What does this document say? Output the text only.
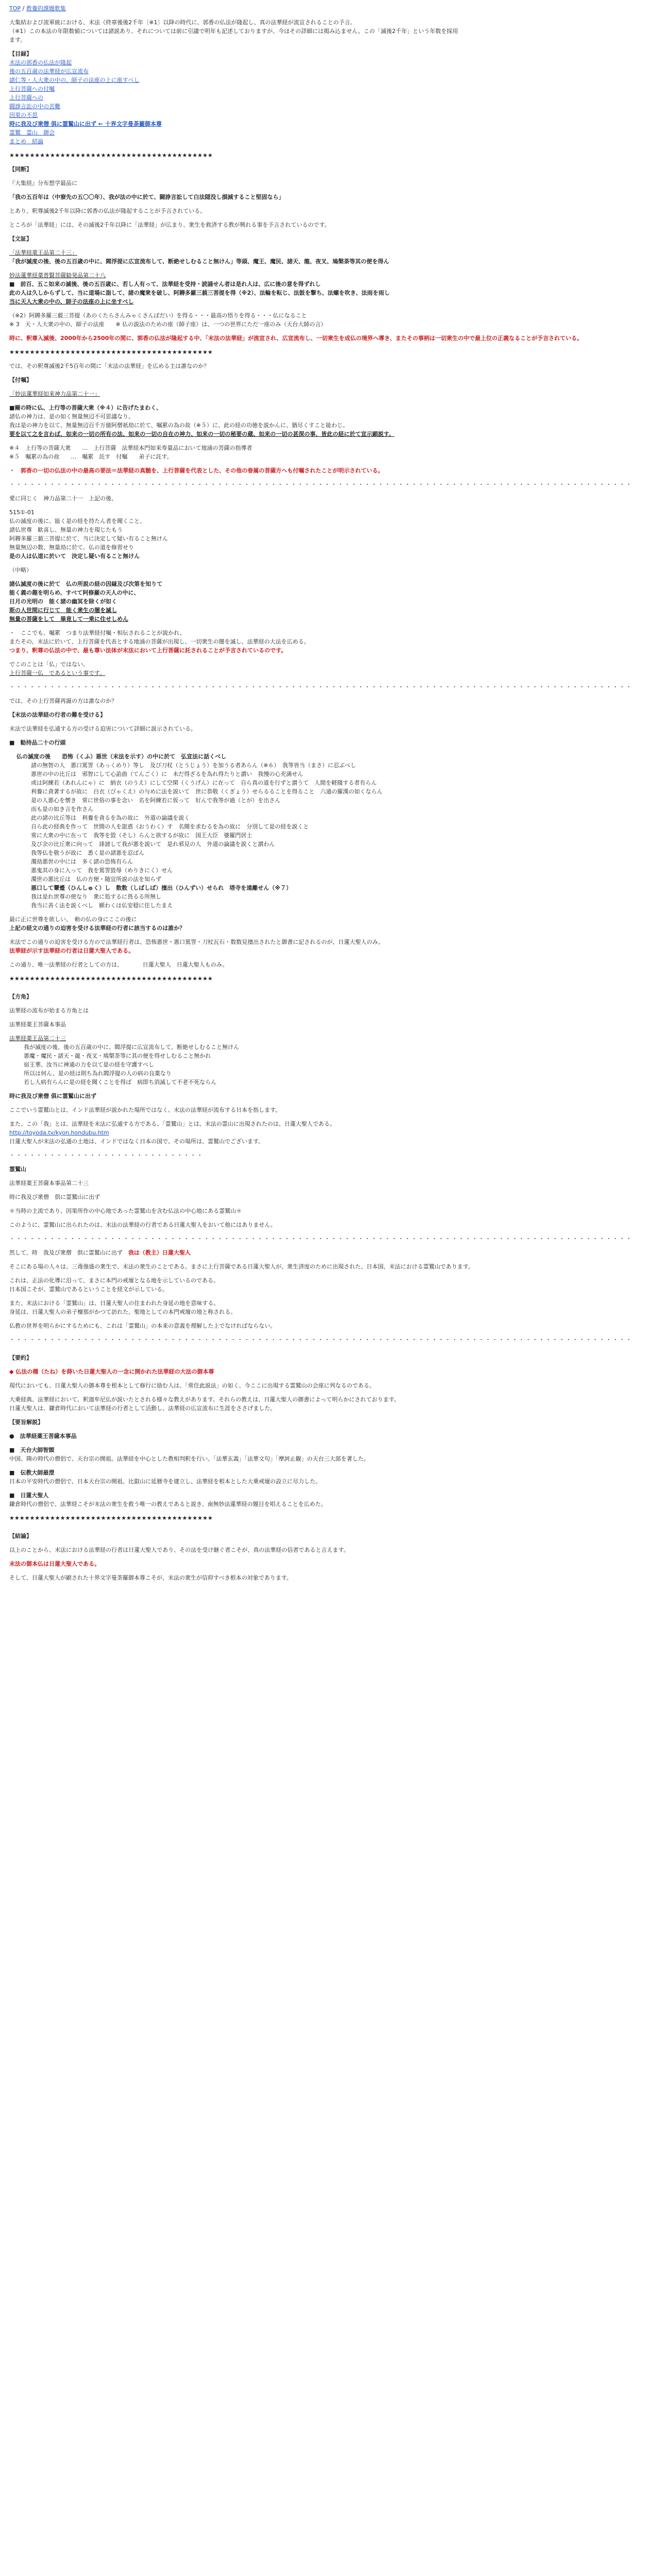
TOP / 教養的課題歌集
大集結および流軍統における、末法（終章後後2千年〔※1〕以降の時代に、郭香の仏法が隆起し、真の法華経が流宣されることの予言。
（※1）この本法の年限数値については諸説あり、それについては前に引議で明年も記述しておりますが、今ほその詳細には掲み込ません。この「滅後2千年」という年数を採用
ます。
【目録】
末法の郭香の仏法が隆起
後の五百歳の法華経が広宣流布
諸仁等・人大衆の中の、師子の法座の上に座すべし
上行菩薩への付嘱
上行菩薩への
闘諍言訟の中の苦難
因果の不思
時に我及び衆僧 俱に霊鷲山に出ず ← 十界文字曼荼羅御本尊
霊鷲　霊山　御会
まとめ　結論
★★★★★★★★★★★★★★★★★★★★★★★★★★★★★★★★★★★★★★★★
【同断】
『大集経』分布想学最品に
「我の五百年は（中寮先の五〇〇年）、我が法の中に於て、闘諍言訟して白法隠没し損減すること堅固なら」
とあり、釈尊滅後2千年以降に郭香の仏法が隆起することが予言されている。
ところが「法華経」には、その滅後2千年以降に「法華経」が広まり、衆生を救済する教が興れる事を予言されているのです。
【文証】
「法華経薬王品第二十三」
「我が滅度の後、後の五百歳の中に、閻浮提に広宣流布して、断絶せしむること無けん」等頭、魔王、魔民、諸天、龍、夜叉、鳩槃荼等其の便を得ん
妙法蓮華経薬普賢菩薩勧発品第二十八
■　前百、五こ如来の滅後、後の五百歳に、若し人有って、法華経を受持・読誦せん者は是れ人は、広に後の意を得ずれし
此の人は久しからずして、当に道場に詣して、諸の魔衆を破し、阿耨多羅三藐三菩提を得（※2）、法輪を転じ、法鼓を撃ち、法螺を吹き、法雨を雨し
当に天人大衆の中の、師子の法座の上に坐すべし
（※2）阿耨多羅三藐三菩提（あのくたらさんみゃくさんぼだい）を得る・・・最高の悟りを得る・・・仏になること
※ 3　天・人大衆の中の、師子の法座　　※ 仏の説法のための座（師子座）は、一つの世界にただ一座のみ（天台大師の言）
時に、釈尊入滅後、2000年から2500年の間に、郭香の仏法が隆起する中、「末法の法華経」が流宣され、広宣流布し、一切衆生を成仏の境界へ導き、またその事柄は一切衆生の中で最上位の正義なることが予言されている。
★★★★★★★★★★★★★★★★★★★★★★★★★★★★★★★★★★★★★★★★
では、その釈尊滅後2千5百年の間に「末法の法華経」を広める主は誰なのか？
【付嘱】
「妙法蓮華経如来神力品第二十一」
■爾の時に仏、上行等の菩薩大衆（※４）に告げたまわく、
諸仏の神力は、是の如く無量無辺不可思議なり。
我は是の神力を以て、無量無辺百千万億阿僧祇劫に於て、嘱累の為の故（※５）に、此の経の功徳を説かんに、猶尽くすこと能わじ。
要を以て之を言わば、如来の一切の所有の法、如来の一切の自在の神力、如来の一切の秘要の蔵、如来の一切の甚深の事、皆此の経に於て宣示顕説す。
※４　上行等の菩薩大衆　　…　上行菩薩　法華経本門如来寿量品において地涌の菩薩の指導者
※５　嘱累の為の故　　…　嘱累　託す　付嘱　　弟子に託す。
・　郭香の一切の仏法の中の最高の要法＝法華経の真髄を、上行菩薩を代表とした、その他の眷属の菩薩方へも付嘱されたことが明示されている。
・・・・・・・・・・・・・・・・・・・・・・・・・・・・・・・・・・・・・・・・・・・・・・・・・・・・・・・・・・・・・・・・・・・・・・・・・・・・・・・・・・・・・・・・・・・・・
愛に同じく　神力品第二十一　上記の後、
515①-01
仏の滅度の後に、能く是の経を持たん者を聞くこと、
諸仏世尊　歓喜し、無量の神力を現じたもう
阿耨多羅三藐三菩提に於て、当に決定して疑い有ること無けん
無量無辺の数、無量劫に於て、仏の道を修習せり
是の人は仏道に於いて　決定し疑い有ること無けん
（中略）
諸仏滅度の後に於て　仏の所説の経の因縁及び次第を知りて
能く義の趣を明らめ、すべて阿修羅の天人の中に、
日月の光明の　能く諸の幽冥を除くが如く
斯の人世間に行じて　能く衆生の闇を滅し
無量の菩薩をして　畢竟して一乗に住せしめん
・　ここでも、嘱累　つまり法華経付嘱・相伝されることが説かれ、
またその、末法に於いて、上行菩薩を代表とする地涌の菩薩が出現し、一切衆生の闇を滅し、法華経の大法を広める。
つまり、釈尊の仏法の中で、最も尊い法体が末法において上行菩薩に託されることが予言されているのです。
でこのことは「仏」ではない。
上行菩薩一仏　であるという事です。
・・・・・・・・・・・・・・・・・・・・・・・・・・・・・・・・・・・・・・・・・・・・・・・・・・・・・・・・・・・・・・・・・・・・・・・・・・・・・・・・・・・・・・・・・・・・・
では、その上行菩薩再誕の方は誰なのか？
【末法の法華経の行者の難を受ける】
末法で法華経を弘通する方の受ける迫害について詳細に説示されている。
■　勧持品二十の行頭
仏の滅度の後　　恐怖（くふ）悪世（末法を示す）の中に於て　弘宣法に話くべし
諸の無智の人　悪口罵詈（あっくめり）等し　及び刀杖（とうじょう）を加うる者あらん（※６）　我等皆当（まさ）に忍ぶべし
悪世の中の比丘は　邪智にして心諂曲（てんごく）に　未だ得ざるを為れ得たりと謂い　我慢の心充満せん
或は阿練若（あれんにゃ）に　納衣（のうえ）にして空閑（くうげん）に在って　自ら真の道を行ずと謂うて　人間を軽賤する者有らん
利養に貪著するが故に　白衣（びゃくえ）の与めに法を説いて　世に恭敬（くぎょう）せらるることを得ること　六通の羅漢の如くならん
是の人悪心を懐き　常に世俗の事を念い　名を阿練若に仮って　好んで我等が過（とが）を出さん
而も是の如き言を作さん
此の諸の比丘等は　利養を貪るを為の故に　外道の論議を説く
自ら此の経典を作って　世間の人を誑惑（おうわく）す　名聞を求むるを為の故に　分別して是の経を説くと
常に大衆の中に在って　我等を毀（そし）らんと欲するが故に　国王大臣　婆羅門居士
及び余の比丘衆に向って　誹謗して我が悪を説いて　是れ邪見の人　外道の論議を説くと謂わん
我等仏を敬うが故に　悉く是の諸悪を忍ばん
濁劫悪世の中には　多く諸の恐怖有らん
悪鬼其の身に入って　我を罵詈毀辱（めりきにく）せん
濁世の悪比丘は　仏の方便・随宜所説の法を知らず
悪口して顰蹙（ひんしゅく）し　数数（しばしば）擯出（ひんずい）せられ　塔寺を遠離せん（※７）
我は是れ世尊の使なり　衆に処するに畏るる所無し
我当に善く法を説くべし　願わくは仏安穏に住したまえ
最に正に世尊を欲しい、　勅の仏の身にここの後に
上記の経文の通りの迫害を受ける法華経の行者に該当するのは誰か？
末法でこの通りの迫害を受ける方ので法華経行者は、恐怖悪世・悪口罵詈・刀杖瓦石・数数見擯出されたと御書に記されるのが、日蓮大聖人のみ。
法華経が示す法華経の行者は日蓮大聖人である。
この通り、唯一法華経の行者としての方は、　　　　日蓮大聖人　日蓮大聖人ものみ。
★★★★★★★★★★★★★★★★★★★★★★★★★★★★★★★★★★★★★★★★
【方角】
法華経の流布が始まる方角とは
法華経薬王菩薩本事品
法華経薬王品第二十三
我が滅度の後、後の五百歳の中に、閻浮提に広宣流布して、断絶せしむること無けん
悪魔・魔民・諸天・龍・夜叉・鳩槃荼等に其の便を得せしむること無かれ
宿王華、汝当に神通の力を以て是の経を守護すべし
所以は何ん、是の経は則ち為れ閻浮提の人の病の良薬なり
若し人病有らんに是の経を聞くことを得ば　病即ち消滅して不老不死ならん
時に我及び衆僧 俱に霊鷲山に出ず
ここでいう霊鷲山とは、インド法華経が説かれた場所ではなく、末法の法華経が流布する日本を指します。
また、この「我」とは、法華経を末法に弘通する方である。「霊鷲山」とは、末法の霊山に出現されたのは、日蓮大聖人である。
http://toyoda.tv/kyon.hondubu.htm
日蓮大聖人が末法の弘通の土地は、インドではなく日本の国で、その場所は、霊鷲山でございます。
・・・・・・・・・・・・・・・・・・・・・・・・・・・・・
霊鷲山
法華経薬王菩薩本事品第二十三
時に我及び衆僧　倶に霊鷲山に出ず
＊当時の主流であり、因果所作の中心地であった霊鷲山を含む仏法の中心地にある霊鷲山＊
このように、霊鷲山に出られたのは、末法の法華経の行者である日蓮大聖人をおいて他にはありません。
・・・・・・・・・・・・・・・・・・・・・・・・・・・・・・・・・・・・・・・・・・・・・・・・・・・・・・・・・・・・・・・・・・・・・・・・・・・・・・・・・・・・・・・・・・・・・
然して、時　我及び衆僧　倶に霊鷲山に出ず　 我は（教主）日蓮大聖人
そこにある場の人々は、三毒強盛の衆生で、末法の衆生のことである。まさに上行菩薩である日蓮大聖人が、衆生済度のために出現された、日本国、末法における霊鷲山であります。
これは、正法の化導に沿って、まさに本門の戒壇となる地を示しているのである。
日本国こそが、霊鷲山であるということを経文が示している。
また、末法における「霊鷲山」は、日蓮大聖人の住まわれた身延の地を意味する。
身延は、日蓮大聖人の弟子檀那がかつて訪れた、聖地としての本門戒壇の地と称される。
仏教の世界を明らかにするためにも、これは「霊鷲山」の本来の意義を理解した上でなければならない。
・・・・・・・・・・・・・・・・・・・・・・・・・・・・・・・・・・・・・・・・・・・・・・・・・・・・・・・・・・・・・・・・・・・・・・・・・・・・・・・・・・・・・・・・・・・・・
【要約】
◆ 仏法の種（たね）を蒔いた日蓮大聖人の一念に開かれた法華経の大法の御本尊
現代においても、日蓮大聖人の御本尊を根本として修行に励む人は、「常住此説法」の如く、今ここに出現する霊鷲山の会座に列なるのである。
大乗経典、法華経において、釈迦牟尼仏が説いたとされる様々な教えがあります。それらの教えは、日蓮大聖人の御書によって明らかにされております。
日蓮大聖人は、鎌倉時代において法華経の行者として活動し、法華経の広宣流布に生涯をささげました。
【要旨解説】
●　法華経薬王菩薩本事品
■　天台大師智顗
中国、隋の時代の僧侶で、天台宗の開祖。法華経を中心とした教相判釈を行い、「法華玄義」「法華文句」「摩訶止観」の天台三大部を著した。
■　伝教大師最澄
日本の平安時代の僧侶で、日本天台宗の開祖。比叡山に延暦寺を建立し、法華経を根本とした大乗戒壇の設立に尽力した。
■　日蓮大聖人
鎌倉時代の僧侶で、法華経こそが末法の衆生を救う唯一の教えであると説き、南無妙法蓮華経の題目を唱えることを広めた。
★★★★★★★★★★★★★★★★★★★★★★★★★★★★★★★★★★★★★★★★
【結論】
以上のことから、末法における法華経の行者は日蓮大聖人であり、その法を受け継ぐ者こそが、真の法華経の信者であると言えます。
末法の御本仏は日蓮大聖人である。
そして、日蓮大聖人が顕された十界文字曼荼羅御本尊こそが、末法の衆生が信仰すべき根本の対象であります。
